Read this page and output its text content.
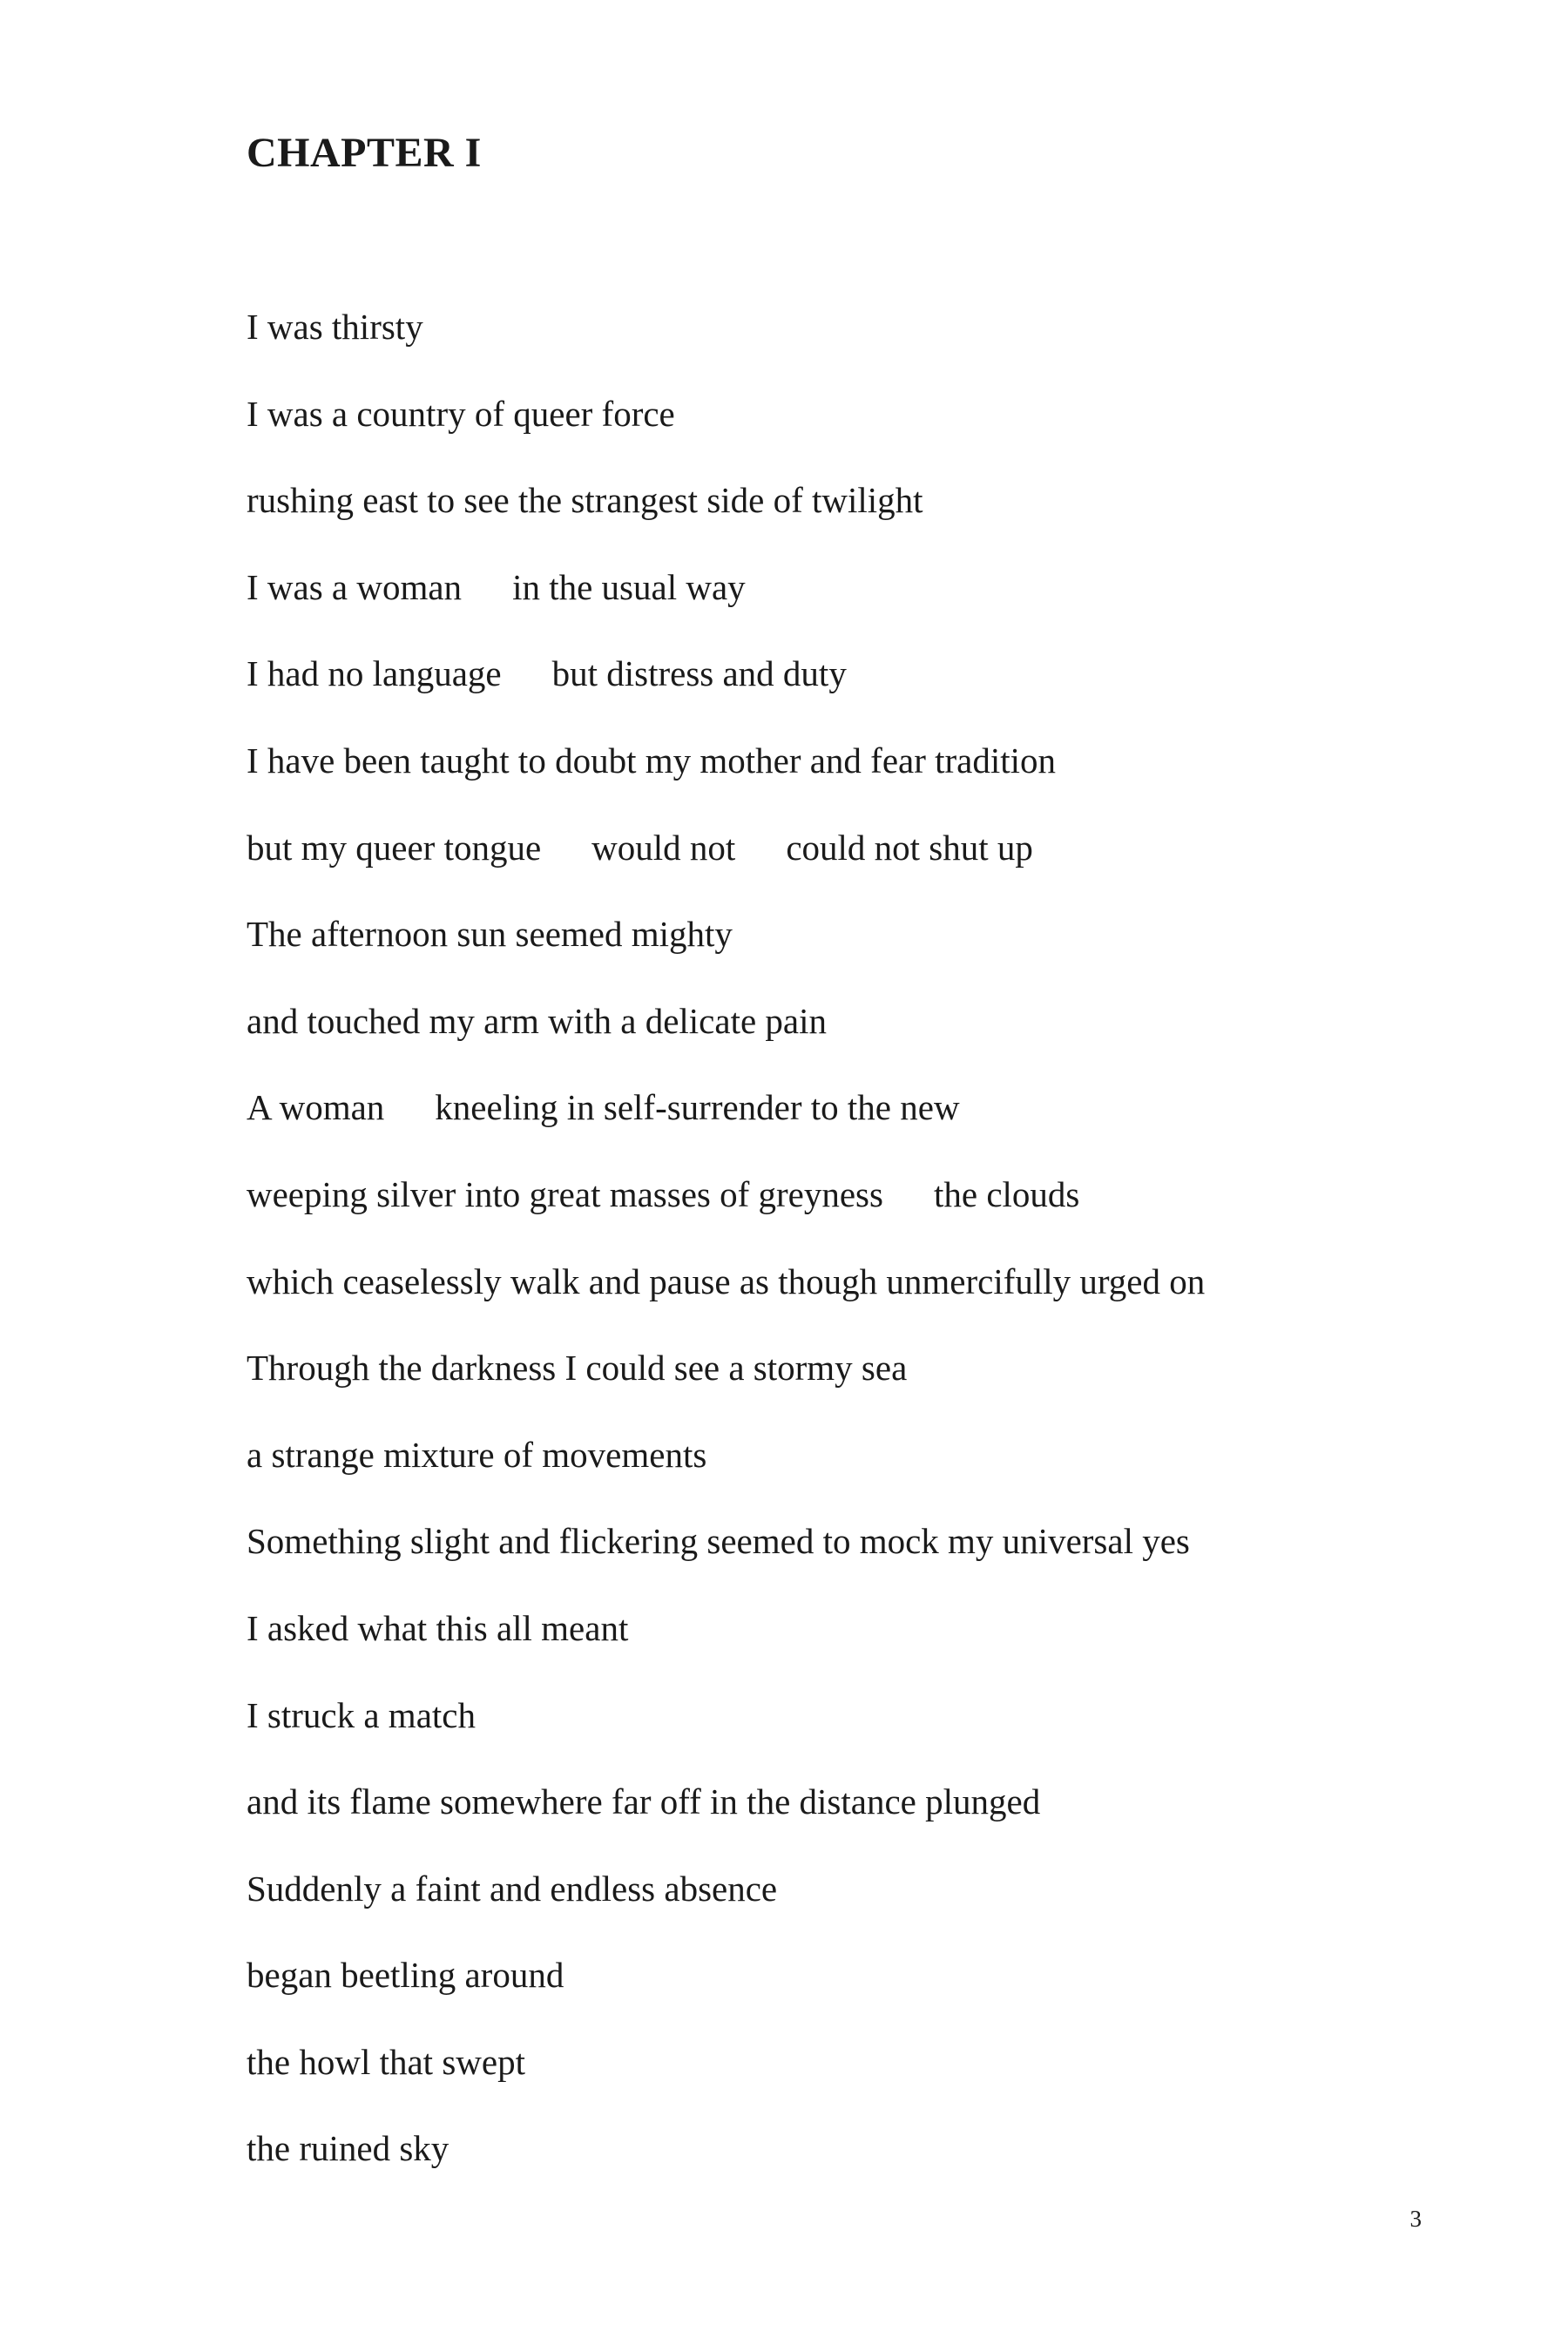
CHAPTER I
I was thirsty
I was a country of queer force
rushing east to see the strangest side of twilight
I was a woman in the usual way
I had no language but distress and duty
I have been taught to doubt my mother and fear tradition
but my queer tongue would not could not shut up
The afternoon sun seemed mighty
and touched my arm with a delicate pain
A woman kneeling in self-surrender to the new
weeping silver into great masses of greyness the clouds
which ceaselessly walk and pause as though unmercifully urged on
Through the darkness I could see a stormy sea
a strange mixture of movements
Something slight and flickering seemed to mock my universal yes
I asked what this all meant
I struck a match
and its flame somewhere far off in the distance plunged
Suddenly a faint and endless absence
began beetling around
the howl that swept
the ruined sky
3
